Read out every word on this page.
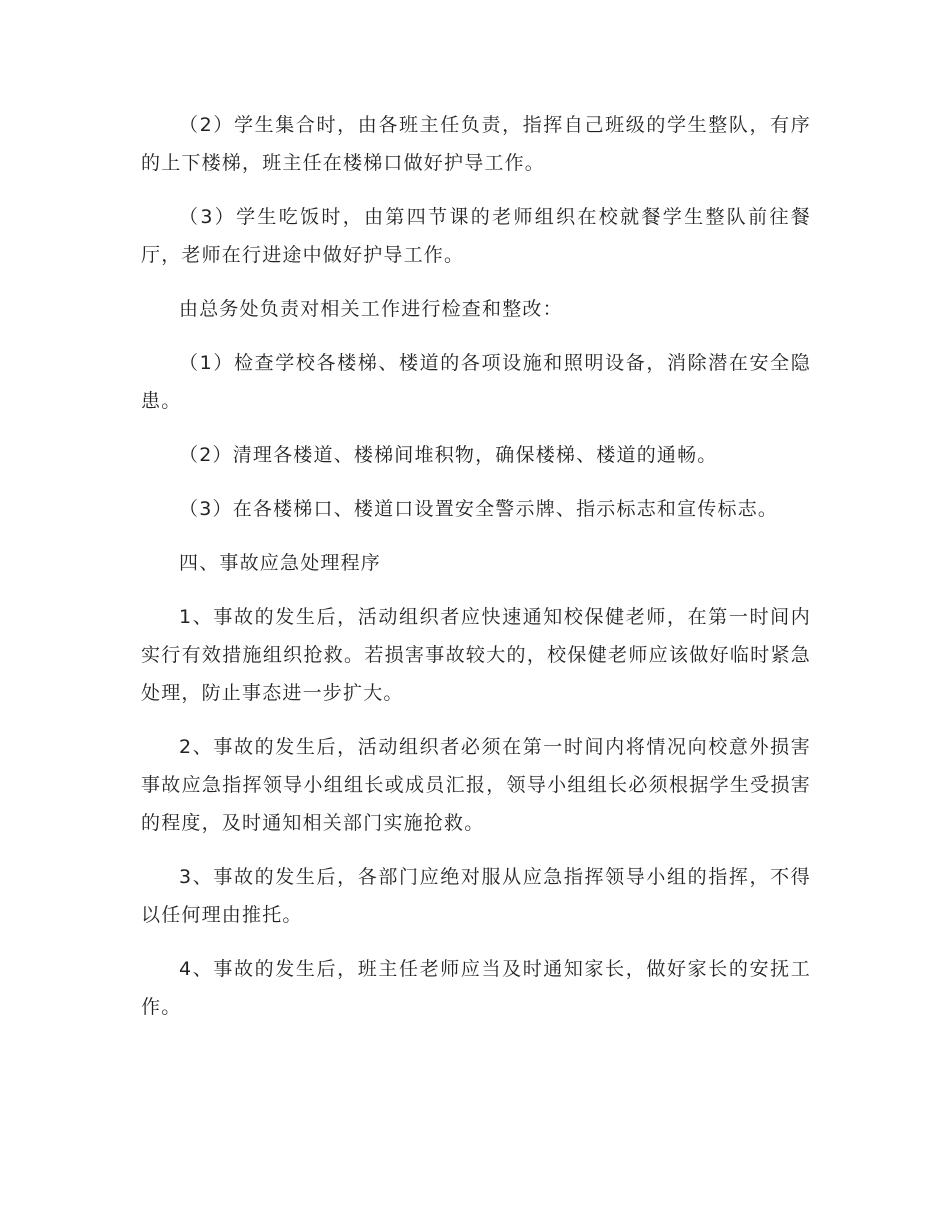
（2）学生集合时，由各班主任负责，指挥自己班级的学生整队，有序的上下楼梯，班主任在楼梯口做好护导工作。

（3）学生吃饭时，由第四节课的老师组织在校就餐学生整队前往餐厅，老师在行进途中做好护导工作。

由总务处负责对相关工作进行检查和整改：

（1）检查学校各楼梯、楼道的各项设施和照明设备，消除潜在安全隐患。

（2）清理各楼道、楼梯间堆积物，确保楼梯、楼道的通畅。

（3）在各楼梯口、楼道口设置安全警示牌、指示标志和宣传标志。

四、事故应急处理程序

1、事故的发生后，活动组织者应快速通知校保健老师，在第一时间内实行有效措施组织抢救。若损害事故较大的，校保健老师应该做好临时紧急处理，防止事态进一步扩大。

2、事故的发生后，活动组织者必须在第一时间内将情况向校意外损害事故应急指挥领导小组组长或成员汇报，领导小组组长必须根据学生受损害的程度，及时通知相关部门实施抢救。

3、事故的发生后，各部门应绝对服从应急指挥领导小组的指挥，不得以任何理由推托。

4、事故的发生后，班主任老师应当及时通知家长，做好家长的安抚工作。
